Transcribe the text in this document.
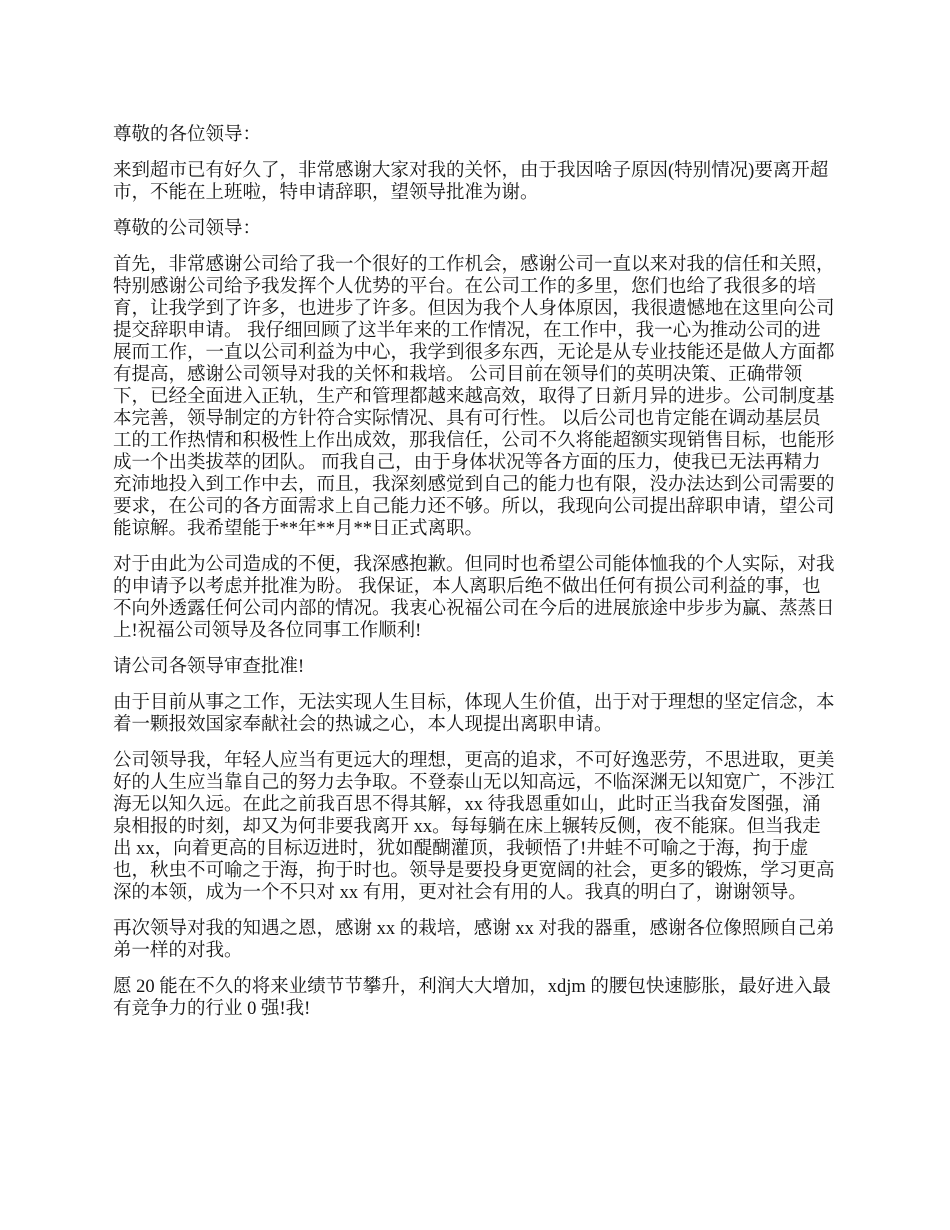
尊敬的各位领导：
来到超市已有好久了，非常感谢大家对我的关怀，由于我因啥子原因(特别情况)要离开超
市，不能在上班啦，特申请辞职，望领导批准为谢。
尊敬的公司领导：
首先，非常感谢公司给了我一个很好的工作机会，感谢公司一直以来对我的信任和关照，
特别感谢公司给予我发挥个人优势的平台。在公司工作的多里，您们也给了我很多的培
育，让我学到了许多，也进步了许多。但因为我个人身体原因，我很遗憾地在这里向公司
提交辞职申请。 我仔细回顾了这半年来的工作情况，在工作中，我一心为推动公司的进
展而工作，一直以公司利益为中心，我学到很多东西，无论是从专业技能还是做人方面都
有提高，感谢公司领导对我的关怀和栽培。 公司目前在领导们的英明决策、正确带领
下，已经全面进入正轨，生产和管理都越来越高效，取得了日新月异的进步。公司制度基
本完善，领导制定的方针符合实际情况、具有可行性。 以后公司也肯定能在调动基层员
工的工作热情和积极性上作出成效，那我信任，公司不久将能超额实现销售目标，也能形
成一个出类拔萃的团队。 而我自己，由于身体状况等各方面的压力，使我已无法再精力
充沛地投入到工作中去，而且，我深刻感觉到自己的能力也有限，没办法达到公司需要的
要求，在公司的各方面需求上自己能力还不够。所以，我现向公司提出辞职申请，望公司
能谅解。我希望能于**年**月**日正式离职。
对于由此为公司造成的不便，我深感抱歉。但同时也希望公司能体恤我的个人实际，对我
的申请予以考虑并批准为盼。 我保证，本人离职后绝不做出任何有损公司利益的事，也
不向外透露任何公司内部的情况。我衷心祝福公司在今后的进展旅途中步步为赢、蒸蒸日
上!祝福公司领导及各位同事工作顺利!
请公司各领导审查批准!
由于目前从事之工作，无法实现人生目标，体现人生价值，出于对于理想的坚定信念，本
着一颗报效国家奉献社会的热诚之心，本人现提出离职申请。
公司领导我，年轻人应当有更远大的理想，更高的追求，不可好逸恶劳，不思进取，更美
好的人生应当靠自己的努力去争取。不登泰山无以知高远，不临深渊无以知宽广，不涉江
海无以知久远。在此之前我百思不得其解，xx 待我恩重如山，此时正当我奋发图强，涌
泉相报的时刻，却又为何非要我离开 xx。每每躺在床上辗转反侧，夜不能寐。但当我走
出 xx，向着更高的目标迈进时，犹如醍醐灌顶，我顿悟了!井蛙不可喻之于海，拘于虚
也，秋虫不可喻之于海，拘于时也。领导是要投身更宽阔的社会，更多的锻炼，学习更高
深的本领，成为一个不只对 xx 有用，更对社会有用的人。我真的明白了，谢谢领导。
再次领导对我的知遇之恩，感谢 xx 的栽培，感谢 xx 对我的器重，感谢各位像照顾自己弟
弟一样的对我。
愿 20 能在不久的将来业绩节节攀升，利润大大增加，xdjm 的腰包快速膨胀，最好进入最
有竞争力的行业 0 强!我!
